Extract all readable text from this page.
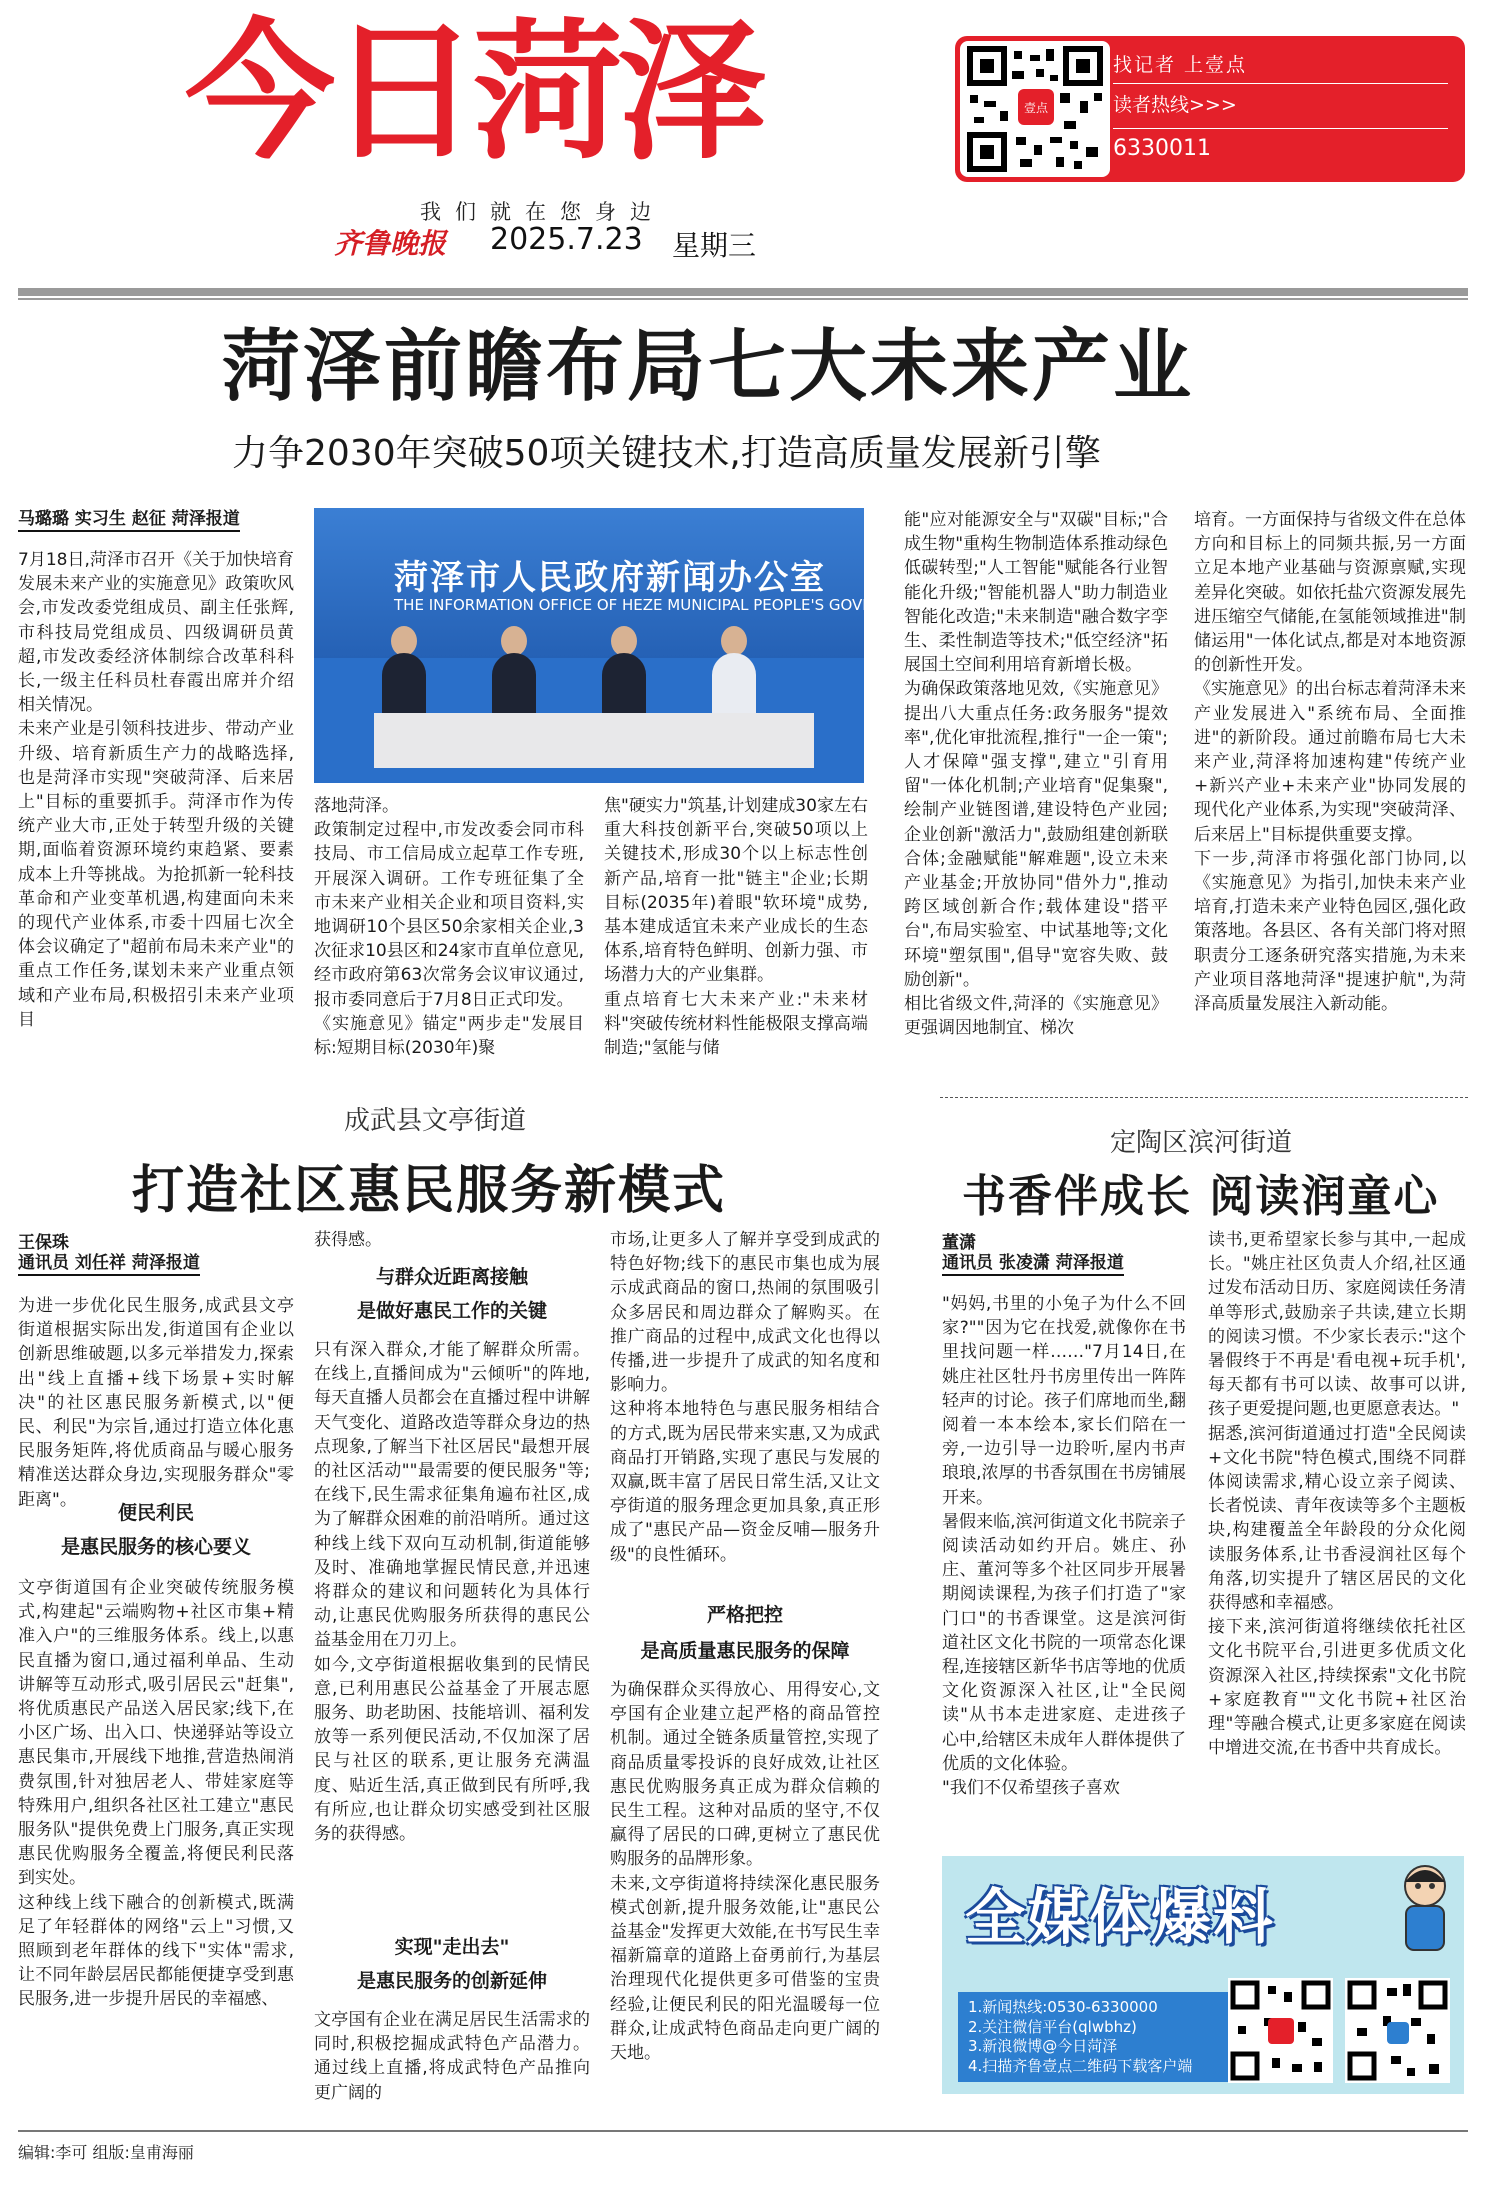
今日菏泽
我们就在您身边
齐鲁晚报 2025.7.23 星期三
壹点
找记者 上壹点
读者热线>>>
6330011
菏泽前瞻布局七大未来产业
力争2030年突破50项关键技术,打造高质量发展新引擎
马璐璐 实习生 赵征 菏泽报道
菏泽市人民政府新闻办公室
THE INFORMATION OFFICE OF HEZE MUNICIPAL PEOPLE'S GOVERNMENT
7月18日,菏泽市召开《关于加快培育发展未来产业的实施意见》政策吹风会,市发改委党组成员、副主任张辉,市科技局党组成员、四级调研员黄超,市发改委经济体制综合改革科科长,一级主任科员杜春霞出席并介绍相关情况。
未来产业是引领科技进步、带动产业升级、培育新质生产力的战略选择,也是菏泽市实现"突破菏泽、后来居上"目标的重要抓手。菏泽市作为传统产业大市,正处于转型升级的关键期,面临着资源环境约束趋紧、要素成本上升等挑战。为抢抓新一轮科技革命和产业变革机遇,构建面向未来的现代产业体系,市委十四届七次全体会议确定了"超前布局未来产业"的重点工作任务,谋划未来产业重点领域和产业布局,积极招引未来产业项目
落地菏泽。
政策制定过程中,市发改委会同市科技局、市工信局成立起草工作专班,开展深入调研。工作专班征集了全市未来产业相关企业和项目资料,实地调研10个县区50余家相关企业,3次征求10县区和24家市直单位意见,经市政府第63次常务会议审议通过,报市委同意后于7月8日正式印发。
《实施意见》锚定"两步走"发展目标:短期目标(2030年)聚
焦"硬实力"筑基,计划建成30家左右重大科技创新平台,突破50项以上关键技术,形成30个以上标志性创新产品,培育一批"链主"企业;长期目标(2035年)着眼"软环境"成势,基本建成适宜未来产业成长的生态体系,培育特色鲜明、创新力强、市场潜力大的产业集群。
重点培育七大未来产业:"未来材料"突破传统材料性能极限支撑高端制造;"氢能与储
能"应对能源安全与"双碳"目标;"合成生物"重构生物制造体系推动绿色低碳转型;"人工智能"赋能各行业智能化升级;"智能机器人"助力制造业智能化改造;"未来制造"融合数字孪生、柔性制造等技术;"低空经济"拓展国土空间利用培育新增长极。
为确保政策落地见效,《实施意见》提出八大重点任务:政务服务"提效率",优化审批流程,推行"一企一策";人才保障"强支撑",建立"引育用留"一体化机制;产业培育"促集聚",绘制产业链图谱,建设特色产业园;企业创新"激活力",鼓励组建创新联合体;金融赋能"解难题",设立未来产业基金;开放协同"借外力",推动跨区域创新合作;载体建设"搭平台",布局实验室、中试基地等;文化环境"塑氛围",倡导"宽容失败、鼓励创新"。
相比省级文件,菏泽的《实施意见》更强调因地制宜、梯次
培育。一方面保持与省级文件在总体方向和目标上的同频共振,另一方面立足本地产业基础与资源禀赋,实现差异化突破。如依托盐穴资源发展先进压缩空气储能,在氢能领域推进"制储运用"一体化试点,都是对本地资源的创新性开发。
《实施意见》的出台标志着菏泽未来产业发展进入"系统布局、全面推进"的新阶段。通过前瞻布局七大未来产业,菏泽将加速构建"传统产业+新兴产业+未来产业"协同发展的现代化产业体系,为实现"突破菏泽、后来居上"目标提供重要支撑。
下一步,菏泽市将强化部门协同,以《实施意见》为指引,加快未来产业培育,打造未来产业特色园区,强化政策落地。各县区、各有关部门将对照职责分工逐条研究落实措施,为未来产业项目落地菏泽"提速护航",为菏泽高质量发展注入新动能。
成武县文亭街道
打造社区惠民服务新模式
王保珠
通讯员 刘任祥 菏泽报道
为进一步优化民生服务,成武县文亭街道根据实际出发,街道国有企业以创新思维破题,以多元举措发力,探索出"线上直播+线下场景+实时解决"的社区惠民服务新模式,以"便民、利民"为宗旨,通过打造立体化惠民服务矩阵,将优质商品与暖心服务精准送达群众身边,实现服务群众"零距离"。
便民利民
是惠民服务的核心要义
文亭街道国有企业突破传统服务模式,构建起"云端购物+社区市集+精准入户"的三维服务体系。线上,以惠民直播为窗口,通过福利单品、生动讲解等互动形式,吸引居民云"赶集",将优质惠民产品送入居民家;线下,在小区广场、出入口、快递驿站等设立惠民集市,开展线下地推,营造热闹消费氛围,针对独居老人、带娃家庭等特殊用户,组织各社区社工建立"惠民服务队"提供免费上门服务,真正实现惠民优购服务全覆盖,将便民利民落到实处。
这种线上线下融合的创新模式,既满足了年轻群体的网络"云上"习惯,又照顾到老年群体的线下"实体"需求,让不同年龄层居民都能便捷享受到惠民服务,进一步提升居民的幸福感、
获得感。
与群众近距离接触
是做好惠民工作的关键
只有深入群众,才能了解群众所需。在线上,直播间成为"云倾听"的阵地,每天直播人员都会在直播过程中讲解天气变化、道路改造等群众身边的热点现象,了解当下社区居民"最想开展的社区活动""最需要的便民服务"等;在线下,民生需求征集角遍布社区,成为了解群众困难的前沿哨所。通过这种线上线下双向互动机制,街道能够及时、准确地掌握民情民意,并迅速将群众的建议和问题转化为具体行动,让惠民优购服务所获得的惠民公益基金用在刀刃上。
如今,文亭街道根据收集到的民情民意,已利用惠民公益基金了开展志愿服务、助老助困、技能培训、福利发放等一系列便民活动,不仅加深了居民与社区的联系,更让服务充满温度、贴近生活,真正做到民有所呼,我有所应,也让群众切实感受到社区服务的获得感。
实现"走出去"
是惠民服务的创新延伸
文亭国有企业在满足居民生活需求的同时,积极挖掘成武特色产品潜力。通过线上直播,将成武特色产品推向更广阔的
市场,让更多人了解并享受到成武的特色好物;线下的惠民市集也成为展示成武商品的窗口,热闹的氛围吸引众多居民和周边群众了解购买。在推广商品的过程中,成武文化也得以传播,进一步提升了成武的知名度和影响力。
这种将本地特色与惠民服务相结合的方式,既为居民带来实惠,又为成武商品打开销路,实现了惠民与发展的双赢,既丰富了居民日常生活,又让文亭街道的服务理念更加具象,真正形成了"惠民产品—资金反哺—服务升级"的良性循环。
严格把控
是高质量惠民服务的保障
为确保群众买得放心、用得安心,文亭国有企业建立起严格的商品管控机制。通过全链条质量管控,实现了商品质量零投诉的良好成效,让社区惠民优购服务真正成为群众信赖的民生工程。这种对品质的坚守,不仅赢得了居民的口碑,更树立了惠民优购服务的品牌形象。
未来,文亭街道将持续深化惠民服务模式创新,提升服务效能,让"惠民公益基金"发挥更大效能,在书写民生幸福新篇章的道路上奋勇前行,为基层治理现代化提供更多可借鉴的宝贵经验,让便民利民的阳光温暖每一位群众,让成武特色商品走向更广阔的天地。
定陶区滨河街道
书香伴成长 阅读润童心
董潇
通讯员 张凌潇 菏泽报道
"妈妈,书里的小兔子为什么不回家?""因为它在找爱,就像你在书里找问题一样……"7月14日,在姚庄社区牡丹书房里传出一阵阵轻声的讨论。孩子们席地而坐,翻阅着一本本绘本,家长们陪在一旁,一边引导一边聆听,屋内书声琅琅,浓厚的书香氛围在书房铺展开来。
暑假来临,滨河街道文化书院亲子阅读活动如约开启。姚庄、孙庄、董河等多个社区同步开展暑期阅读课程,为孩子们打造了"家门口"的书香课堂。这是滨河街道社区文化书院的一项常态化课程,连接辖区新华书店等地的优质文化资源深入社区,让"全民阅读"从书本走进家庭、走进孩子心中,给辖区未成年人群体提供了优质的文化体验。
"我们不仅希望孩子喜欢
读书,更希望家长参与其中,一起成长。"姚庄社区负责人介绍,社区通过发布活动日历、家庭阅读任务清单等形式,鼓励亲子共读,建立长期的阅读习惯。不少家长表示:"这个暑假终于不再是'看电视+玩手机',每天都有书可以读、故事可以讲,孩子更爱提问题,也更愿意表达。"
据悉,滨河街道通过打造"全民阅读+文化书院"特色模式,围绕不同群体阅读需求,精心设立亲子阅读、长者悦读、青年夜读等多个主题板块,构建覆盖全年龄段的分众化阅读服务体系,让书香浸润社区每个角落,切实提升了辖区居民的文化获得感和幸福感。
接下来,滨河街道将继续依托社区文化书院平台,引进更多优质文化资源深入社区,持续探索"文化书院+家庭教育""文化书院+社区治理"等融合模式,让更多家庭在阅读中增进交流,在书香中共育成长。
全媒体爆料
1.新闻热线:0530-6330000
2.关注微信平台(qlwbhz)
3.新浪微博@今日菏泽
4.扫描齐鲁壹点二维码下载客户端
编辑:李可 组版:皇甫海丽
